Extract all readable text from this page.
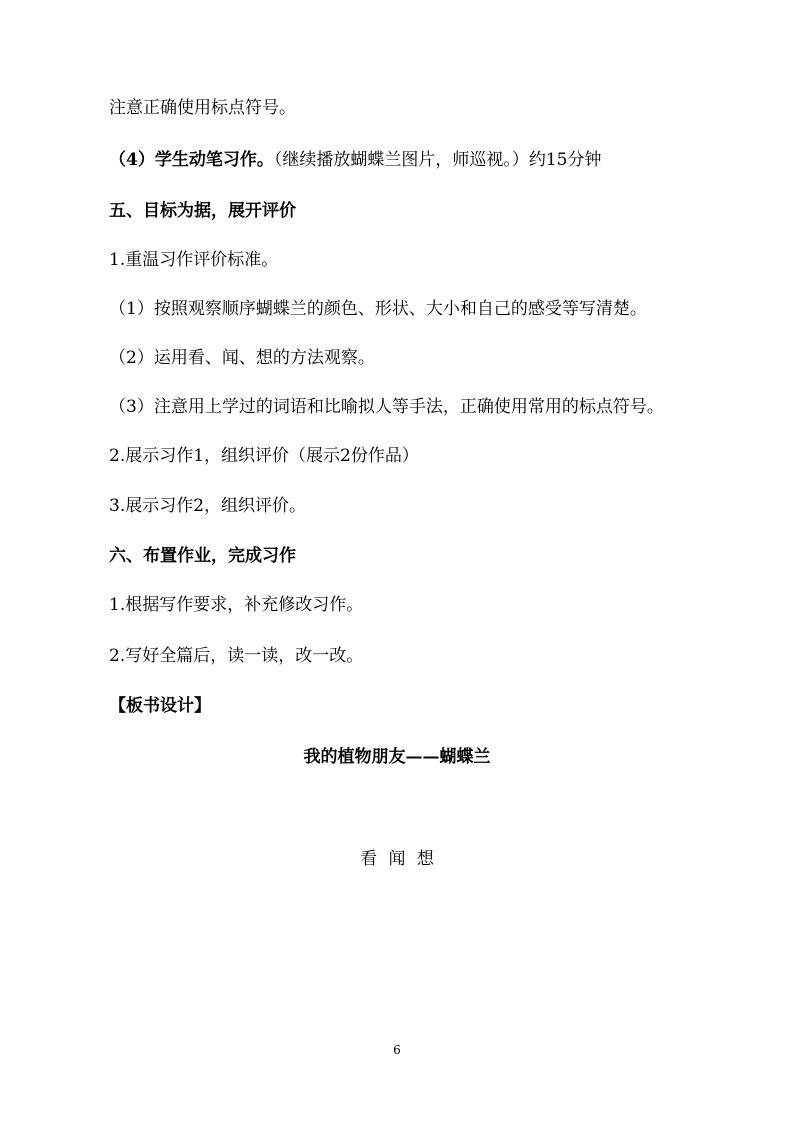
注意正确使用标点符号。
（4）学生动笔习作。（继续播放蝴蝶兰图片，师巡视。）约15分钟
五、目标为据，展开评价
1.重温习作评价标准。
（1）按照观察顺序蝴蝶兰的颜色、形状、大小和自己的感受等写清楚。
（2）运用看、闻、想的方法观察。
（3）注意用上学过的词语和比喻拟人等手法，正确使用常用的标点符号。
2.展示习作1，组织评价（展示2份作品）
3.展示习作2，组织评价。
六、布置作业，完成习作
1.根据写作要求，补充修改习作。
2.写好全篇后，读一读，改一改。
【板书设计】
我的植物朋友——蝴蝶兰
看 闻 想
6
